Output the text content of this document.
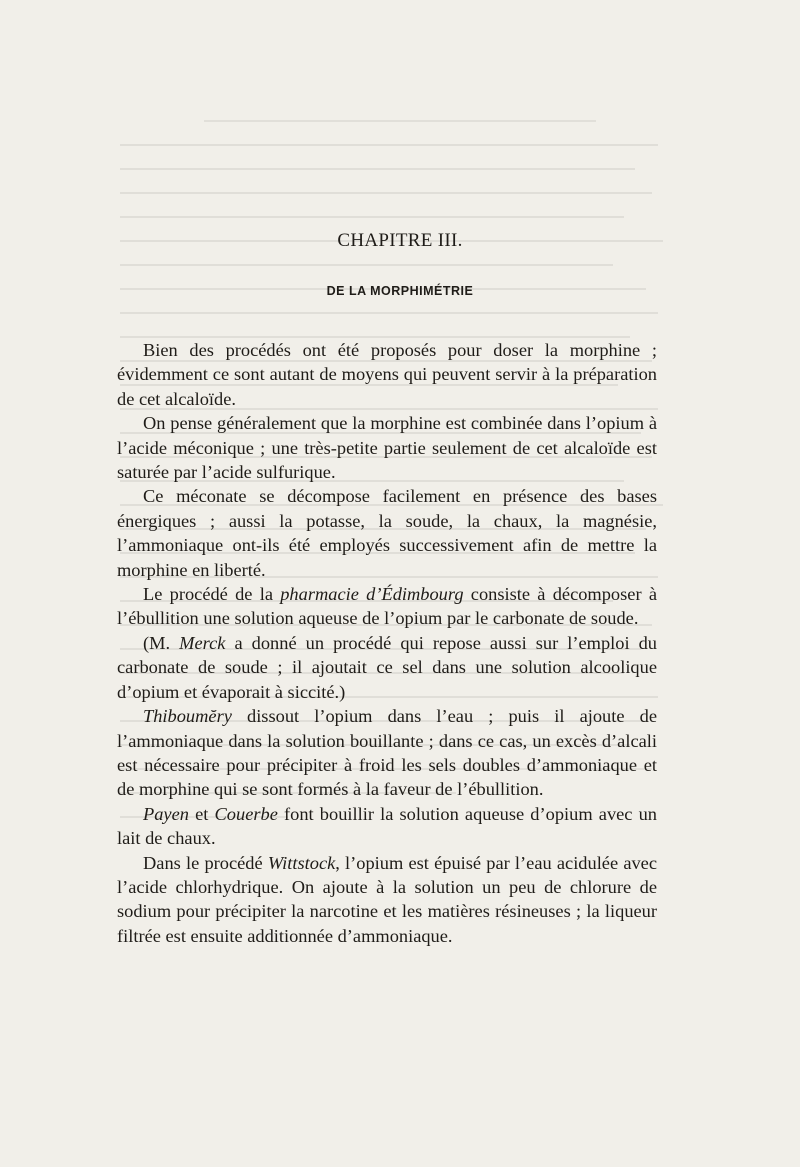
CHAPITRE III.
DE LA MORPHIMÉTRIE

Bien des procédés ont été proposés pour doser la morphine ; évidemment ce sont autant de moyens qui peuvent servir à la préparation de cet alcaloïde.

On pense généralement que la morphine est combinée dans l’opium à l’acide méconique ; une très-petite partie seulement de cet alcaloïde est saturée par l’acide sulfurique.

Ce méconate se décompose facilement en présence des bases énergiques ; aussi la potasse, la soude, la chaux, la magnésie, l’ammoniaque ont-ils été employés successivement afin de mettre la morphine en liberté.

Le procédé de la pharmacie d’Édimbourg consiste à décomposer à l’ébullition une solution aqueuse de l’opium par le carbonate de soude.

(M. Merck a donné un procédé qui repose aussi sur l’emploi du carbonate de soude ; il ajoutait ce sel dans une solution alcoolique d’opium et évaporait à siccité.)

Thiboumĕry dissout l’opium dans l’eau ; puis il ajoute de l’ammoniaque dans la solution bouillante ; dans ce cas, un excès d’alcali est nécessaire pour précipiter à froid les sels doubles d’ammoniaque et de morphine qui se sont formés à la faveur de l’ébullition.

Payen et Couerbe font bouillir la solution aqueuse d’opium avec un lait de chaux.

Dans le procédé Wittstock, l’opium est épuisé par l’eau acidulée avec l’acide chlorhydrique. On ajoute à la solution un peu de chlorure de sodium pour précipiter la narcotine et les matières résineuses ; la liqueur filtrée est ensuite additionnée d’ammoniaque.
